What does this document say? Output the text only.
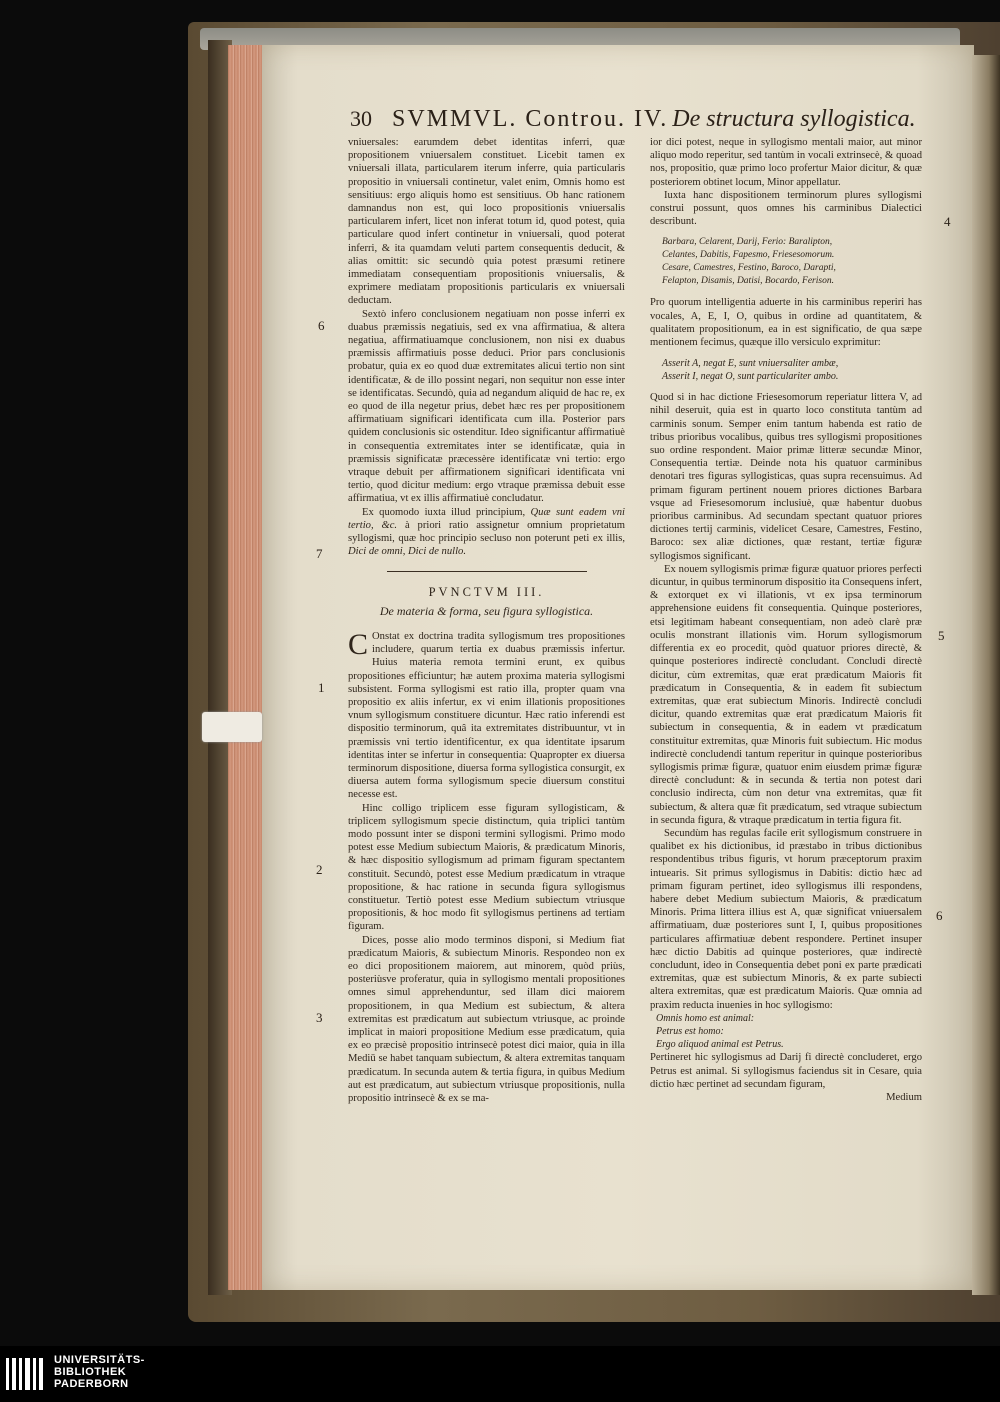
30 SVMMVL. Controu. IV. De structura syllogistica.
6
7
1
2
3
4
5
6

vniuersales: earumdem debet identitas inferri, quæ propositionem vniuersalem constituet. Licebit tamen ex vniuersali illata, particularem iterum inferre, quia particularis propositio in vniuersali continetur, valet enim, Omnis homo est sensitiuus: ergo aliquis homo est sensitiuus. Ob hanc rationem damnandus non est, qui loco propositionis vniuersalis particularem infert, licet non inferat totum id, quod potest, quia particulare quod infert continetur in vniuersali, quod poterat inferri, & ita quamdam veluti partem consequentis deducit, & alias omittit: sic secundò quia potest præsumi retinere immediatam consequentiam propositionis vniuersalis, & exprimere mediatam propositionis particularis ex vniuersali deductam.

Sextò infero conclusionem negatiuam non posse inferri ex duabus præmissis negatiuis, sed ex vna affirmatiua, & altera negatiua, affirmatiuamque conclusionem, non nisi ex duabus præmissis affirmatiuis posse deduci. Prior pars conclusionis probatur, quia ex eo quod duæ extremitates alicui tertio non sint identificatæ, & de illo possint negari, non sequitur non esse inter se identificatas. Secundò, quia ad negandum aliquid de hac re, ex eo quod de illa negetur prius, debet hæc res per propositionem affirmatiuam significari identificata cum illa. Posterior pars quidem conclusionis sic ostenditur. Ideo significantur affirmatiuè in consequentia extremitates inter se identificatæ, quia in præmissis significatæ præcessère identificatæ vni tertio: ergo vtraque debuit per affirmationem significari identificata vni tertio, quod dicitur medium: ergo vtraque præmissa debuit esse affirmatiua, vt ex illis affirmatiuè concludatur.

Ex quomodo iuxta illud principium, Quæ sunt eadem vni tertio, &c. à priori ratio assignetur omnium proprietatum syllogismi, quæ hoc principio secluso non poterunt peti ex illis, Dici de omni, Dici de nullo.

PVNCTVM III.

De materia & forma, seu figura syllogistica.

C Onstat ex doctrina tradita syllogismum tres propositiones includere, quarum tertia ex duabus præmissis infertur. Huius materia remota termini erunt, ex quibus propositiones efficiuntur; hæ autem proxima materia syllogismi subsistent. Forma syllogismi est ratio illa, propter quam vna propositio ex aliis infertur, ex vi enim illationis propositiones vnum syllogismum constituere dicuntur. Hæc ratio inferendi est dispositio terminorum, quâ ita extremitates distribuuntur, vt in præmissis vni tertio identificentur, ex qua identitate ipsarum identitas inter se infertur in consequentia: Quapropter ex diuersa terminorum dispositione, diuersa forma syllogistica consurgit, ex diuersa autem forma syllogismum specie diuersum constitui necesse est.

Hinc colligo triplicem esse figuram syllogisticam, & triplicem syllogismum specie distinctum, quia triplici tantùm modo possunt inter se disponi termini syllogismi. Primo modo potest esse Medium subiectum Maioris, & prædicatum Minoris, & hæc dispositio syllogismum ad primam figuram spectantem constituit. Secundò, potest esse Medium prædicatum in vtraque propositione, & hac ratione in secunda figura syllogismus constituetur. Tertiò potest esse Medium subiectum vtriusque propositionis, & hoc modo fit syllogismus pertinens ad tertiam figuram.

Dices, posse alio modo terminos disponi, si Medium fiat prædicatum Maioris, & subiectum Minoris. Respondeo non ex eo dici propositionem maiorem, aut minorem, quòd priùs, posteriùsve proferatur, quia in syllogismo mentali propositiones omnes simul apprehenduntur, sed illam dici maiorem propositionem, in qua Medium est subiectum, & altera extremitas est prædicatum aut subiectum vtriusque, ac proinde implicat in maiori propositione Medium esse prædicatum, quia ex eo præcisè propositio intrinsecè potest dici maior, quia in illa Mediū se habet tanquam subiectum, & altera extremitas tanquam prædicatum. In secunda autem & tertia figura, in quibus Medium aut est prædicatum, aut subiectum vtriusque propositionis, nulla propositio intrinsecè & ex se ma-

ior dici potest, neque in syllogismo mentali maior, aut minor aliquo modo reperitur, sed tantùm in vocali extrinsecè, & quoad nos, propositio, quæ primo loco profertur Maior dicitur, & quæ posteriorem obtinet locum, Minor appellatur.

Iuxta hanc dispositionem terminorum plures syllogismi construi possunt, quos omnes his carminibus Dialectici describunt.

Barbara, Celarent, Darij, Ferio: Baralipton,
Celantes, Dabitis, Fapesmo, Friesesomorum.
Cesare, Camestres, Festino, Baroco, Darapti,
Felapton, Disamis, Datisi, Bocardo, Ferison.

Pro quorum intelligentia aduerte in his carminibus reperiri has vocales, A, E, I, O, quibus in ordine ad quantitatem, & qualitatem propositionum, ea in est significatio, de qua sæpe mentionem fecimus, quæque illo versiculo exprimitur:

Asserit A, negat E, sunt vniuersaliter ambæ,
Asserit I, negat O, sunt particulariter ambo.

Quod si in hac dictione Friesesomorum reperiatur littera V, ad nihil deseruit, quia est in quarto loco constituta tantùm ad carminis sonum. Semper enim tantum habenda est ratio de tribus prioribus vocalibus, quibus tres syllogismi propositiones suo ordine respondent. Maior primæ litteræ secundæ Minor, Consequentia tertiæ. Deinde nota his quatuor carminibus denotari tres figuras syllogisticas, quas supra recensuimus. Ad primam figuram pertinent nouem priores dictiones Barbara vsque ad Friesesomorum inclusiuè, quæ habentur duobus prioribus carminibus. Ad secundam spectant quatuor priores dictiones tertij carminis, videlicet Cesare, Camestres, Festino, Baroco: sex aliæ dictiones, quæ restant, tertiæ figuræ syllogismos significant.

Ex nouem syllogismis primæ figuræ quatuor priores perfecti dicuntur, in quibus terminorum dispositio ita Consequens infert, & extorquet ex vi illationis, vt ex ipsa terminorum apprehensione euidens fit consequentia. Quinque posteriores, etsi legitimam habeant consequentiam, non adeò clarè præ oculis monstrant illationis vim. Horum syllogismorum differentia ex eo procedit, quòd quatuor priores directè, & quinque posteriores indirectè concludant. Concludi directè dicitur, cùm extremitas, quæ erat prædicatum Maioris fit prædicatum in Consequentia, & in eadem fit subiectum extremitas, quæ erat subiectum Minoris. Indirectè concludi dicitur, quando extremitas quæ erat prædicatum Maioris fit subiectum in consequentia, & in eadem vt prædicatum constituitur extremitas, quæ Minoris fuit subiectum. Hic modus indirectè concludendi tantum reperitur in quinque posterioribus syllogismis primæ figuræ, quatuor enim eiusdem primæ figuræ directè concludunt: & in secunda & tertia non potest dari conclusio indirecta, cùm non detur vna extremitas, quæ fit subiectum, & altera quæ fit prædicatum, sed vtraque subiectum in secunda figura, & vtraque prædicatum in tertia figura fit.

Secundùm has regulas facile erit syllogismum construere in qualibet ex his dictionibus, id præstabo in tribus dictionibus respondentibus tribus figuris, vt horum præceptorum praxim intuearis. Sit primus syllogismus in Dabitis: dictio hæc ad primam figuram pertinet, ideo syllogismus illi respondens, habere debet Medium subiectum Maioris, & prædicatum Minoris. Prima littera illius est A, quæ significat vniuersalem affirmatiuam, duæ posteriores sunt I, I, quibus propositiones particulares affirmatiuæ debent respondere. Pertinet insuper hæc dictio Dabitis ad quinque posteriores, quæ indirectè concludunt, ideo in Consequentia debet poni ex parte prædicati extremitas, quæ est subiectum Minoris, & ex parte subiecti altera extremitas, quæ est prædicatum Maioris. Quæ omnia ad praxim reducta inuenies in hoc syllogismo:

Omnis homo est animal:
Petrus est homo:
Ergo aliquod animal est Petrus.

Pertineret hic syllogismus ad Darij fi directè concluderet, ergo Petrus est animal. Si syllogismus faciendus sit in Cesare, quia dictio hæc pertinet ad secundam figuram,

Medium

UNIVERSITÄTS-
BIBLIOTHEK
PADERBORN
